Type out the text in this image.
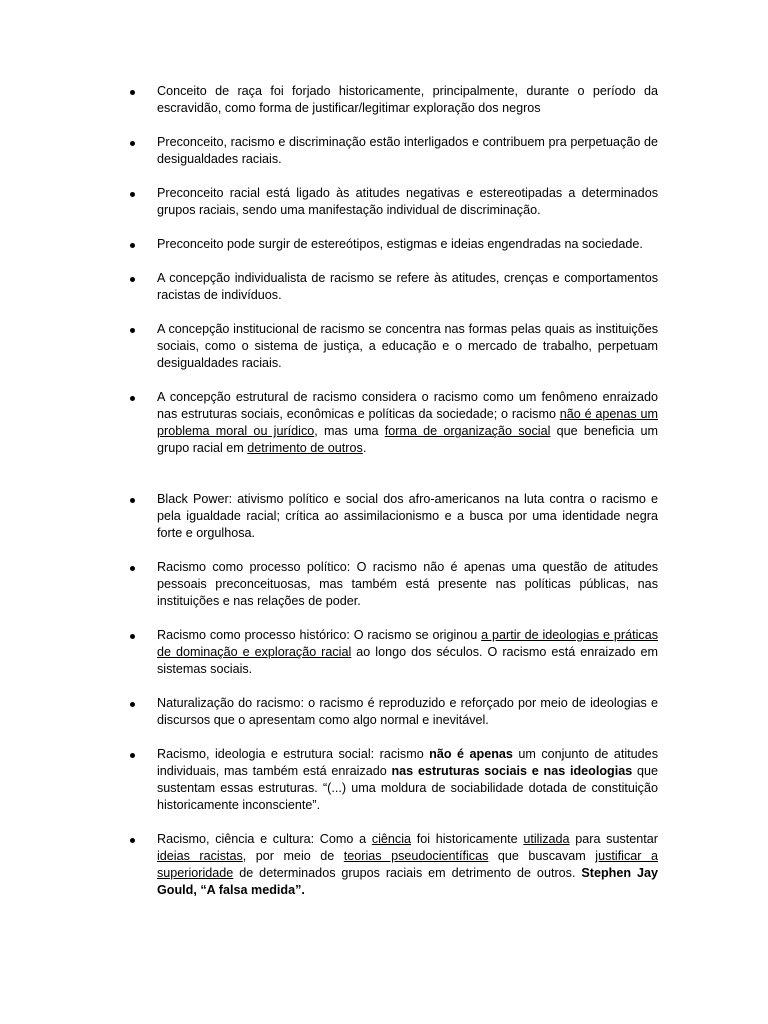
Conceito de raça foi forjado historicamente, principalmente, durante o período da escravidão, como forma de justificar/legitimar exploração dos negros
Preconceito, racismo e discriminação estão interligados e contribuem pra perpetuação de desigualdades raciais.
Preconceito racial está ligado às atitudes negativas e estereotipadas a determinados grupos raciais, sendo uma manifestação individual de discriminação.
Preconceito pode surgir de estereótipos, estigmas e ideias engendradas na sociedade.
A concepção individualista de racismo se refere às atitudes, crenças e comportamentos racistas de indivíduos.
A concepção institucional de racismo se concentra nas formas pelas quais as instituições sociais, como o sistema de justiça, a educação e o mercado de trabalho, perpetuam desigualdades raciais.
A concepção estrutural de racismo considera o racismo como um fenômeno enraizado nas estruturas sociais, econômicas e políticas da sociedade; o racismo não é apenas um problema moral ou jurídico, mas uma forma de organização social que beneficia um grupo racial em detrimento de outros.
Black Power: ativismo político e social dos afro-americanos na luta contra o racismo e pela igualdade racial; crítica ao assimilacionismo e a busca por uma identidade negra forte e orgulhosa.
Racismo como processo político: O racismo não é apenas uma questão de atitudes pessoais preconceituosas, mas também está presente nas políticas públicas, nas instituições e nas relações de poder.
Racismo como processo histórico: O racismo se originou a partir de ideologias e práticas de dominação e exploração racial ao longo dos séculos. O racismo está enraizado em sistemas sociais.
Naturalização do racismo: o racismo é reproduzido e reforçado por meio de ideologias e discursos que o apresentam como algo normal e inevitável.
Racismo, ideologia e estrutura social: racismo não é apenas um conjunto de atitudes individuais, mas também está enraizado nas estruturas sociais e nas ideologias que sustentam essas estruturas. “(...) uma moldura de sociabilidade dotada de constituição historicamente inconsciente”.
Racismo, ciência e cultura: Como a ciência foi historicamente utilizada para sustentar ideias racistas, por meio de teorias pseudocientíficas que buscavam justificar a superioridade de determinados grupos raciais em detrimento de outros. Stephen Jay Gould, “A falsa medida”.
